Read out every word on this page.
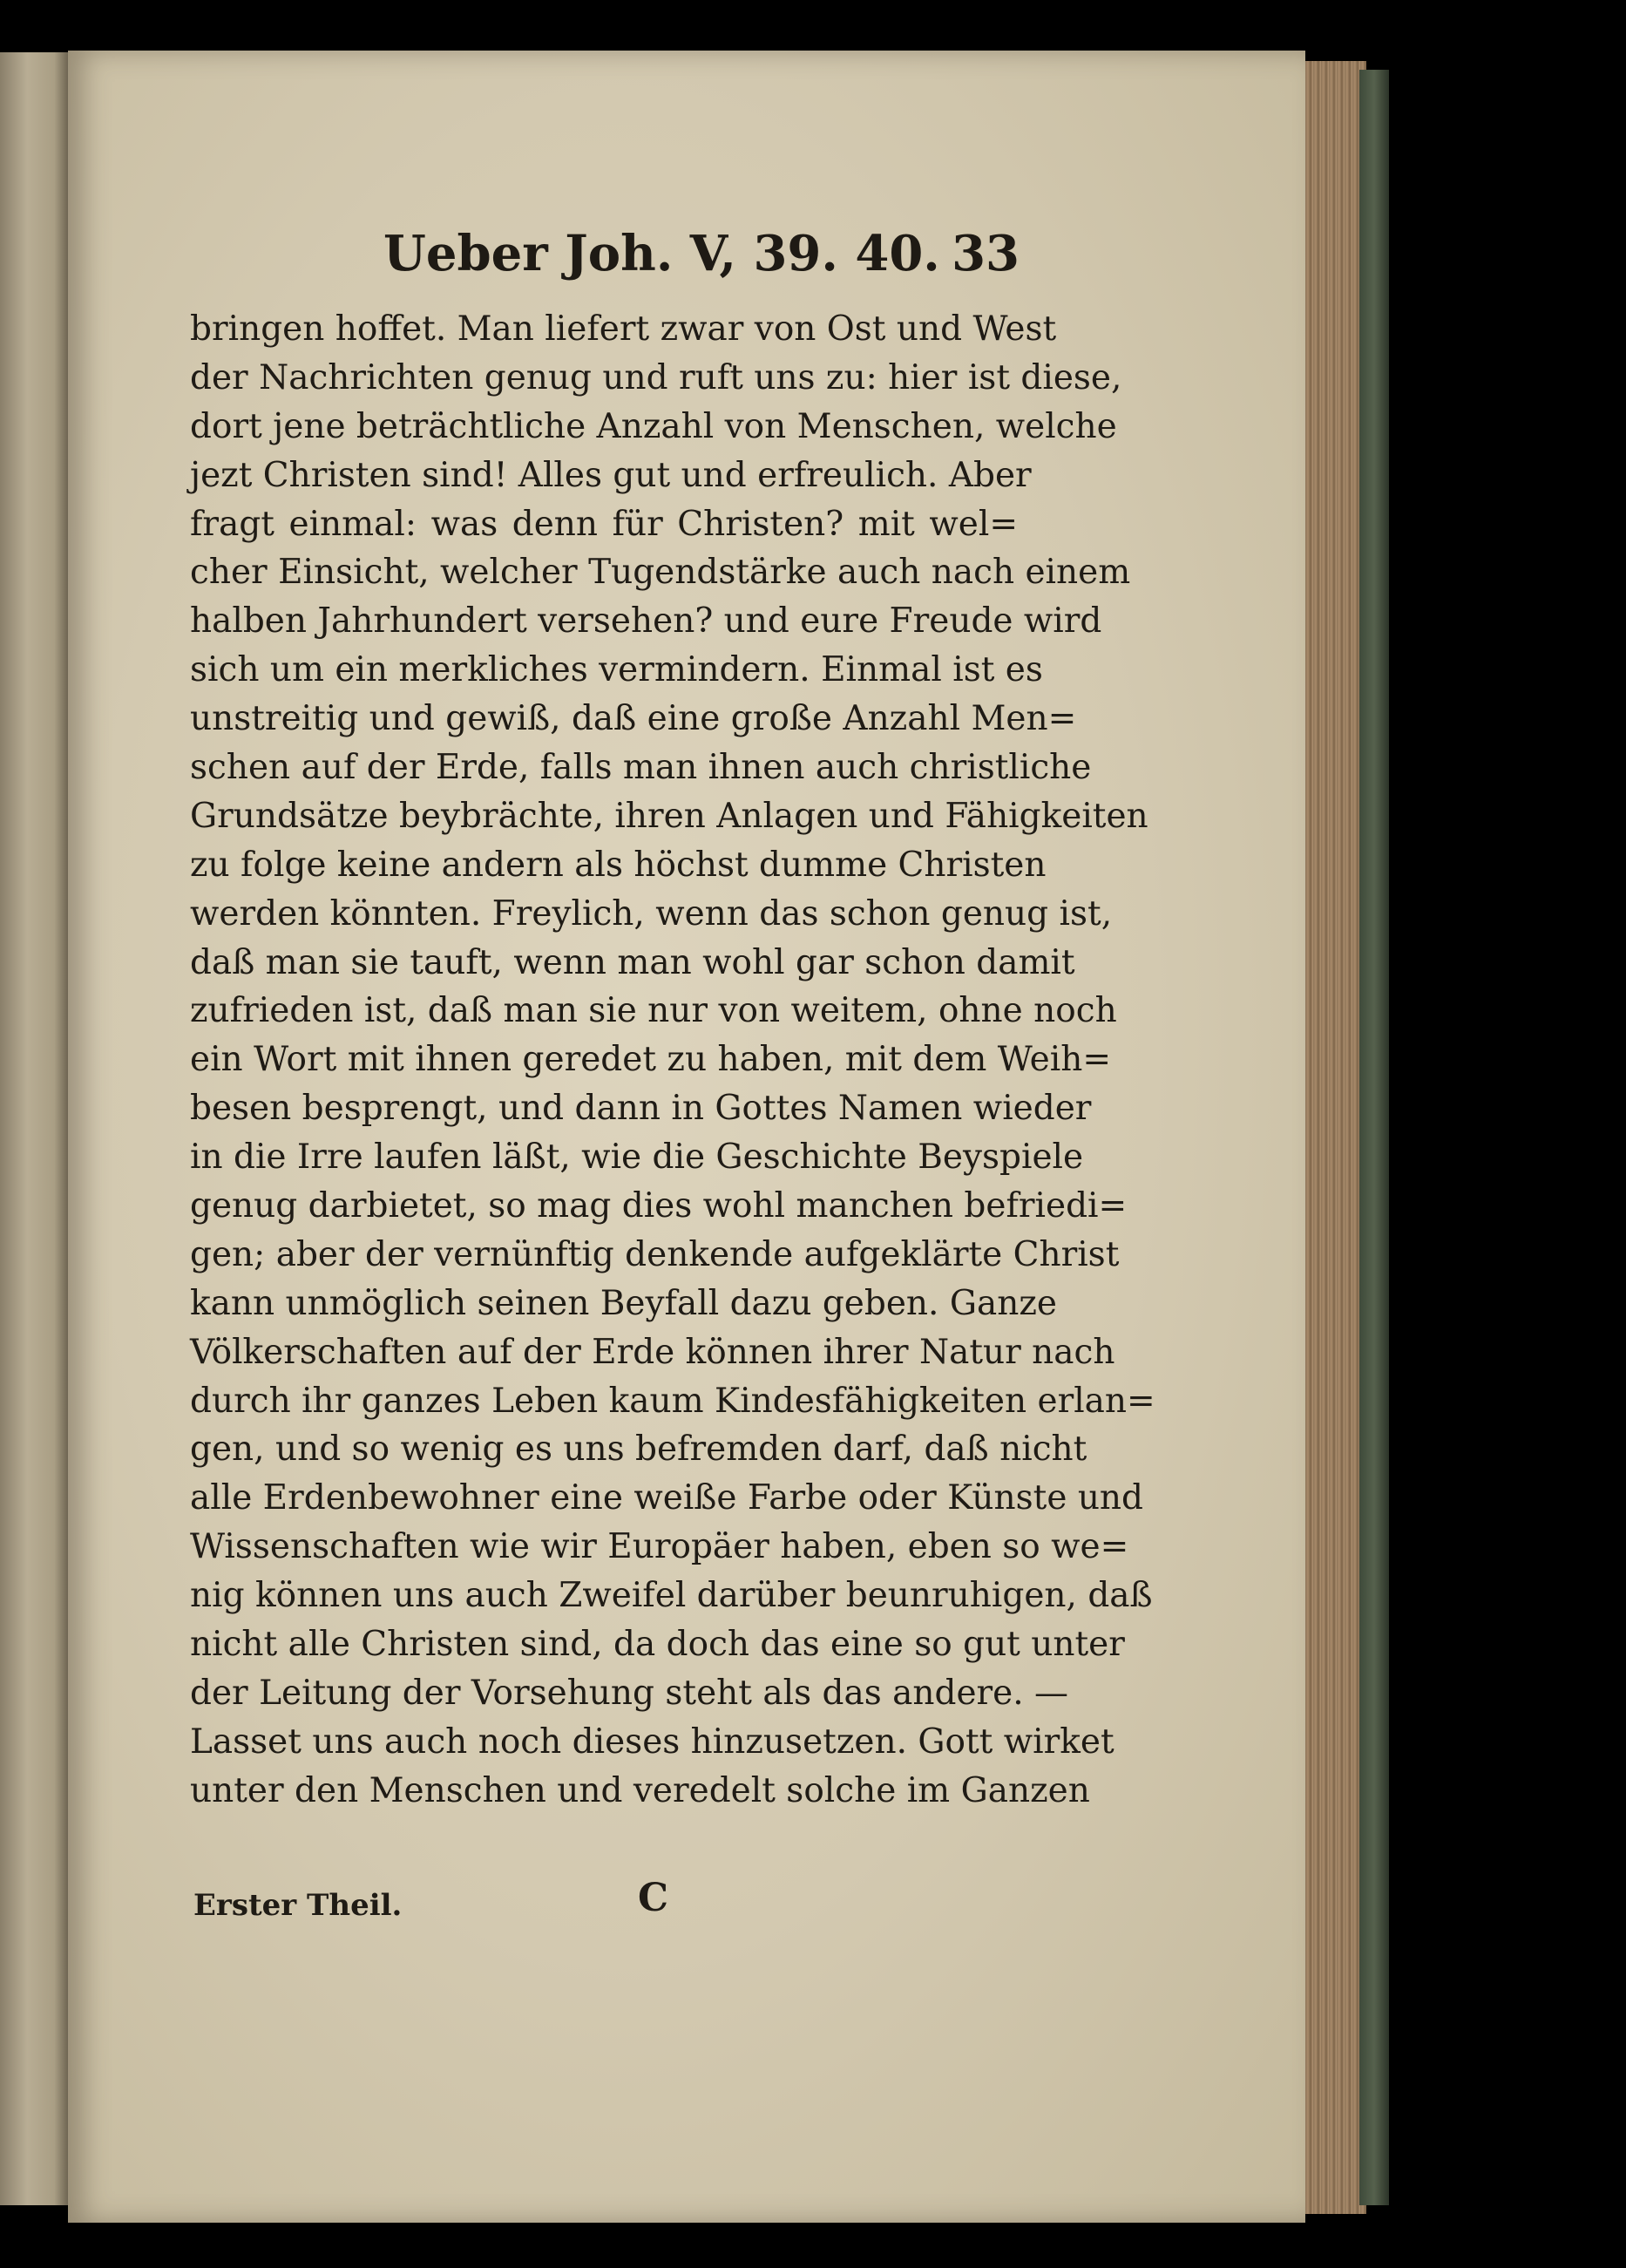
Ueber Joh. V, 39. 40. 33
bringen hoffet. Man liefert zwar von Ost und West
der Nachrichten genug und ruft uns zu: hier ist diese,
dort jene beträchtliche Anzahl von Menschen, welche
jezt Christen sind! Alles gut und erfreulich. Aber
fragt einmal: was denn für Christen? mit wel=
cher Einsicht, welcher Tugendstärke auch nach einem
halben Jahrhundert versehen? und eure Freude wird
sich um ein merkliches vermindern. Einmal ist es
unstreitig und gewiß, daß eine große Anzahl Men=
schen auf der Erde, falls man ihnen auch christliche
Grundsätze beybrächte, ihren Anlagen und Fähigkeiten
zu folge keine andern als höchst dumme Christen
werden könnten. Freylich, wenn das schon genug ist,
daß man sie tauft, wenn man wohl gar schon damit
zufrieden ist, daß man sie nur von weitem, ohne noch
ein Wort mit ihnen geredet zu haben, mit dem Weih=
besen besprengt, und dann in Gottes Namen wieder
in die Irre laufen läßt, wie die Geschichte Beyspiele
genug darbietet, so mag dies wohl manchen befriedi=
gen; aber der vernünftig denkende aufgeklärte Christ
kann unmöglich seinen Beyfall dazu geben. Ganze
Völkerschaften auf der Erde können ihrer Natur nach
durch ihr ganzes Leben kaum Kindesfähigkeiten erlan=
gen, und so wenig es uns befremden darf, daß nicht
alle Erdenbewohner eine weiße Farbe oder Künste und
Wissenschaften wie wir Europäer haben, eben so we=
nig können uns auch Zweifel darüber beunruhigen, daß
nicht alle Christen sind, da doch das eine so gut unter
der Leitung der Vorsehung steht als das andere. —
Lasset uns auch noch dieses hinzusetzen. Gott wirket
unter den Menschen und veredelt solche im Ganzen
Erster Theil.	C
